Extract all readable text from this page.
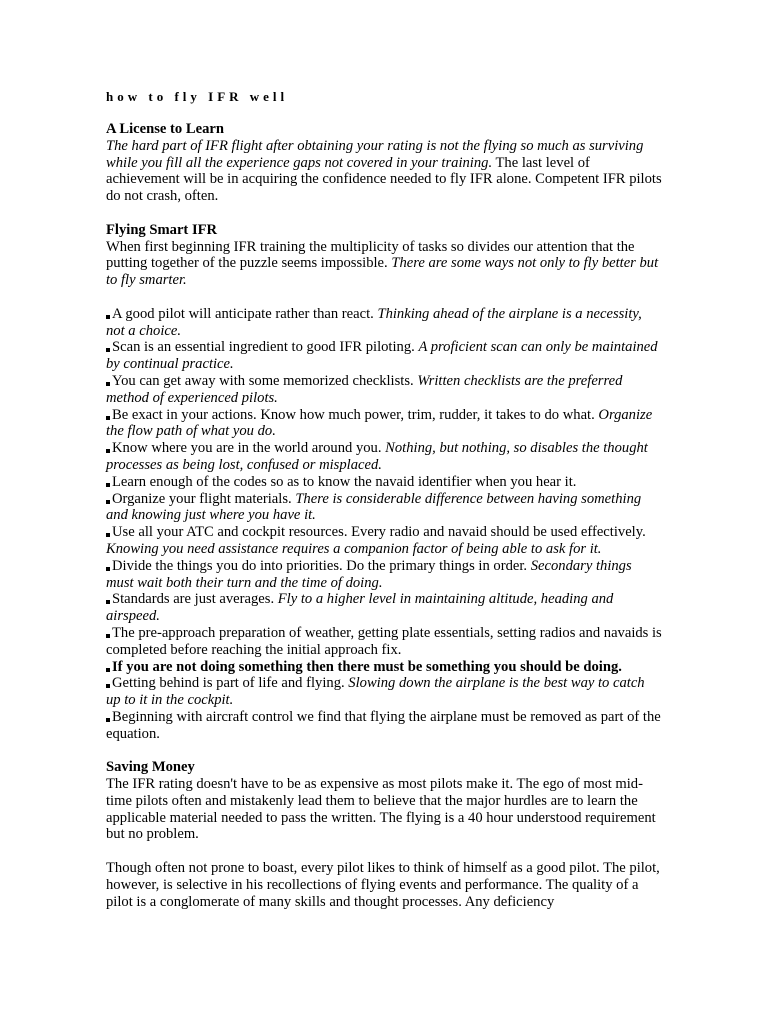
how to fly IFR well
A License to Learn

The hard part of IFR flight after obtaining your rating is not the flying so much as surviving while you fill all the experience gaps not covered in your training. The last level of achievement will be in acquiring the confidence needed to fly IFR alone. Competent IFR pilots do not crash, often.

Flying Smart IFR

When first beginning IFR training the multiplicity of tasks so divides our attention that the putting together of the puzzle seems impossible. There are some ways not only to fly better but to fly smarter.

A good pilot will anticipate rather than react. Thinking ahead of the airplane is a necessity, not a choice.
Scan is an essential ingredient to good IFR piloting. A proficient scan can only be maintained by continual practice.
You can get away with some memorized checklists. Written checklists are the preferred method of experienced pilots.
Be exact in your actions. Know how much power, trim, rudder, it takes to do what. Organize the flow path of what you do.
Know where you are in the world around you. Nothing, but nothing, so disables the thought processes as being lost, confused or misplaced.
Learn enough of the codes so as to know the navaid identifier when you hear it.
Organize your flight materials. There is considerable difference between having something and knowing just where you have it.
Use all your ATC and cockpit resources. Every radio and navaid should be used effectively. Knowing you need assistance requires a companion factor of being able to ask for it.
Divide the things you do into priorities. Do the primary things in order. Secondary things must wait both their turn and the time of doing.
Standards are just averages. Fly to a higher level in maintaining altitude, heading and airspeed.
The pre-approach preparation of weather, getting plate essentials, setting radios and navaids is completed before reaching the initial approach fix.
If you are not doing something then there must be something you should be doing.
Getting behind is part of life and flying. Slowing down the airplane is the best way to catch up to it in the cockpit.
Beginning with aircraft control we find that flying the airplane must be removed as part of the equation.
Saving Money

The IFR rating doesn't have to be as expensive as most pilots make it. The ego of most mid-time pilots often and mistakenly lead them to believe that the major hurdles are to learn the applicable material needed to pass the written. The flying is a 40 hour understood requirement but no problem.

Though often not prone to boast, every pilot likes to think of himself as a good pilot. The pilot, however, is selective in his recollections of flying events and performance. The quality of a pilot is a conglomerate of many skills and thought processes. Any deficiency
